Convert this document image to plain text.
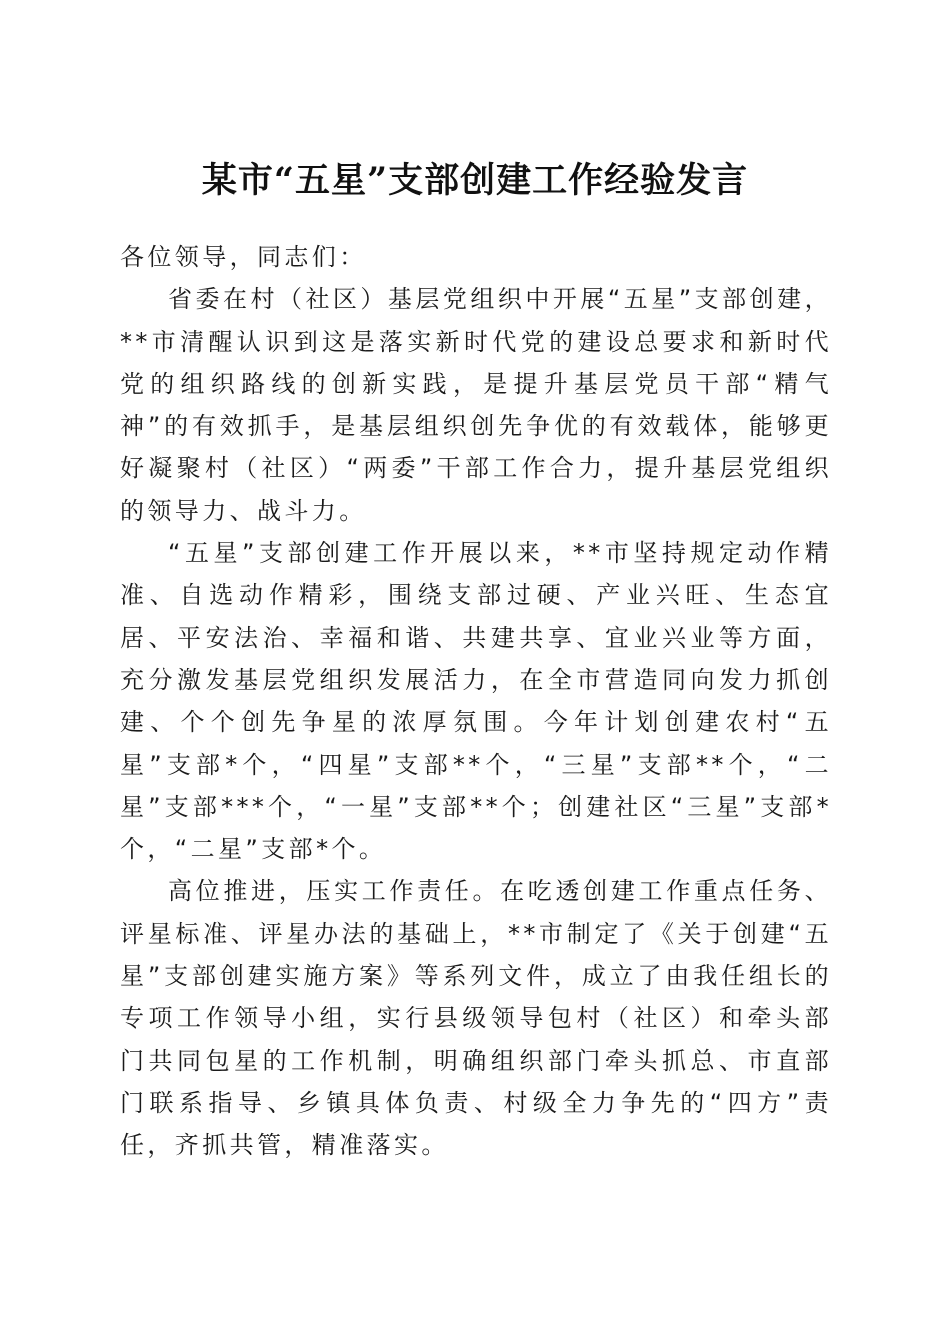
某市“五星”支部创建工作经验发言

各位领导，同志们：

省委在村（社区）基层党组织中开展“五星”支部创建，**市清醒认识到这是落实新时代党的建设总要求和新时代党的组织路线的创新实践，是提升基层党员干部“精气神”的有效抓手，是基层组织创先争优的有效载体，能够更好凝聚村（社区）“两委”干部工作合力，提升基层党组织的领导力、战斗力。

“五星”支部创建工作开展以来，**市坚持规定动作精准、自选动作精彩，围绕支部过硬、产业兴旺、生态宜居、平安法治、幸福和谐、共建共享、宜业兴业等方面，充分激发基层党组织发展活力，在全市营造同向发力抓创建、个个创先争星的浓厚氛围。今年计划创建农村“五星”支部*个，“四星”支部**个，“三星”支部**个，“二星”支部***个，“一星”支部**个；创建社区“三星”支部*个，“二星”支部*个。

高位推进，压实工作责任。在吃透创建工作重点任务、评星标准、评星办法的基础上，**市制定了《关于创建“五星”支部创建实施方案》等系列文件，成立了由我任组长的专项工作领导小组，实行县级领导包村（社区）和牵头部门共同包星的工作机制，明确组织部门牵头抓总、市直部门联系指导、乡镇具体负责、村级全力争先的“四方”责任，齐抓共管，精准落实。
